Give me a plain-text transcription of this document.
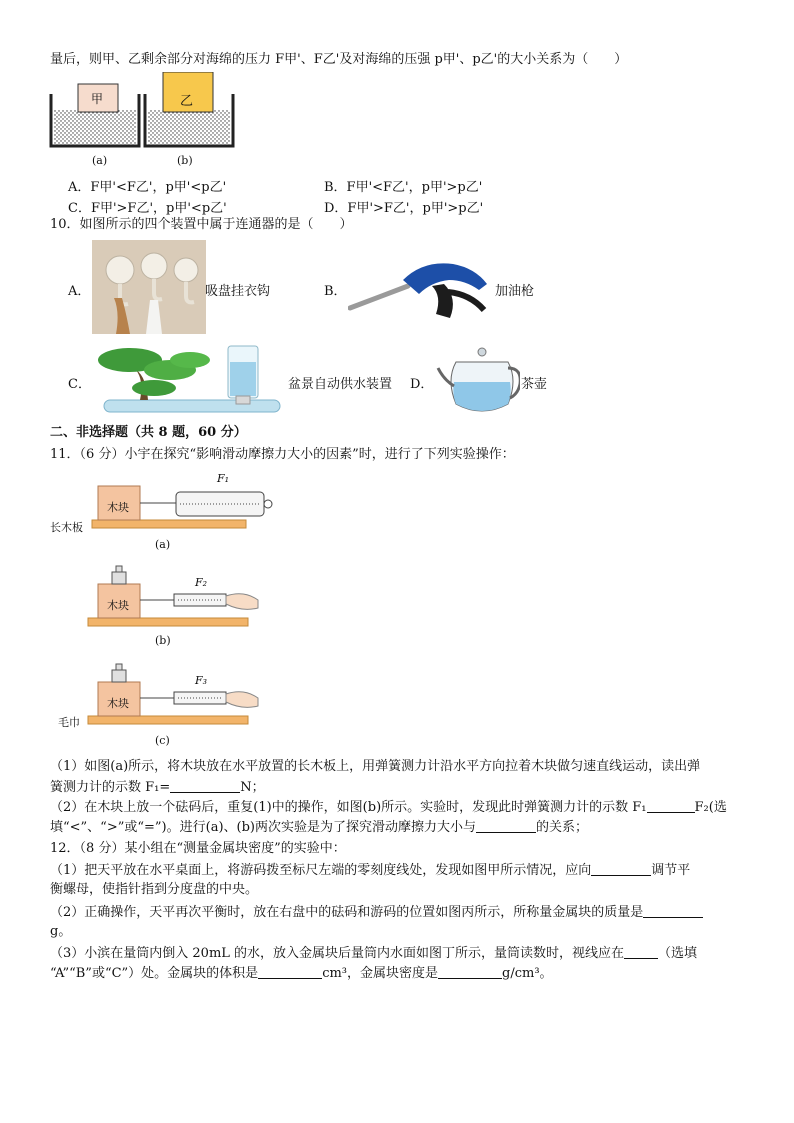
量后，则甲、乙剩余部分对海绵的压力 F甲'、F乙'及对海绵的压强 p甲'、p乙'的大小关系为（　　）
甲	乙
(a)	(b)
A．F甲'<F乙'，p甲'<p乙'	B．F甲'<F乙'，p甲'>p乙'
C．F甲'>F乙'，p甲'<p乙'	D．F甲'>F乙'，p甲'>p乙'
10．如图所示的四个装置中属于连通器的是（　　）
A．	吸盘挂衣钩	B．	加油枪
C．	盆景自动供水装置 D．	茶壶
二、非选择题（共 8 题，60 分）
11．（6 分）小宇在探究“影响滑动摩擦力大小的因素”时，进行了下列实验操作：
木块
F₁
长木板
(a)
木块
F₂
(b)
木块
F₃
毛巾
(c)
（1）如图(a)所示，将木块放在水平放置的长木板上，用弹簧测力计沿水平方向拉着木块做匀速直线运动，读出弹
簧测力计的示数 F₁=	N；
（2）在木块上放一个砝码后，重复(1)中的操作，如图(b)所示。实验时，发现此时弹簧测力计的示数 F₁	F₂(选
填“<”、“>”或“=”)。进行(a)、(b)两次实验是为了探究滑动摩擦力大小与	的关系；
12．（8 分）某小组在“测量金属块密度”的实验中：
（1）把天平放在水平桌面上，将游码拨至标尺左端的零刻度线处，发现如图甲所示情况，应向	调节平
衡螺母，使指针指到分度盘的中央。
（2）正确操作，天平再次平衡时，放在右盘中的砝码和游码的位置如图丙所示，所称量金属块的质量是
g。
（3）小滨在量筒内倒入 20mL 的水，放入金属块后量筒内水面如图丁所示，量筒读数时，视线应在	（选填
“A”“B”或“C”）处。金属块的体积是	cm³，金属块密度是	g/cm³。
